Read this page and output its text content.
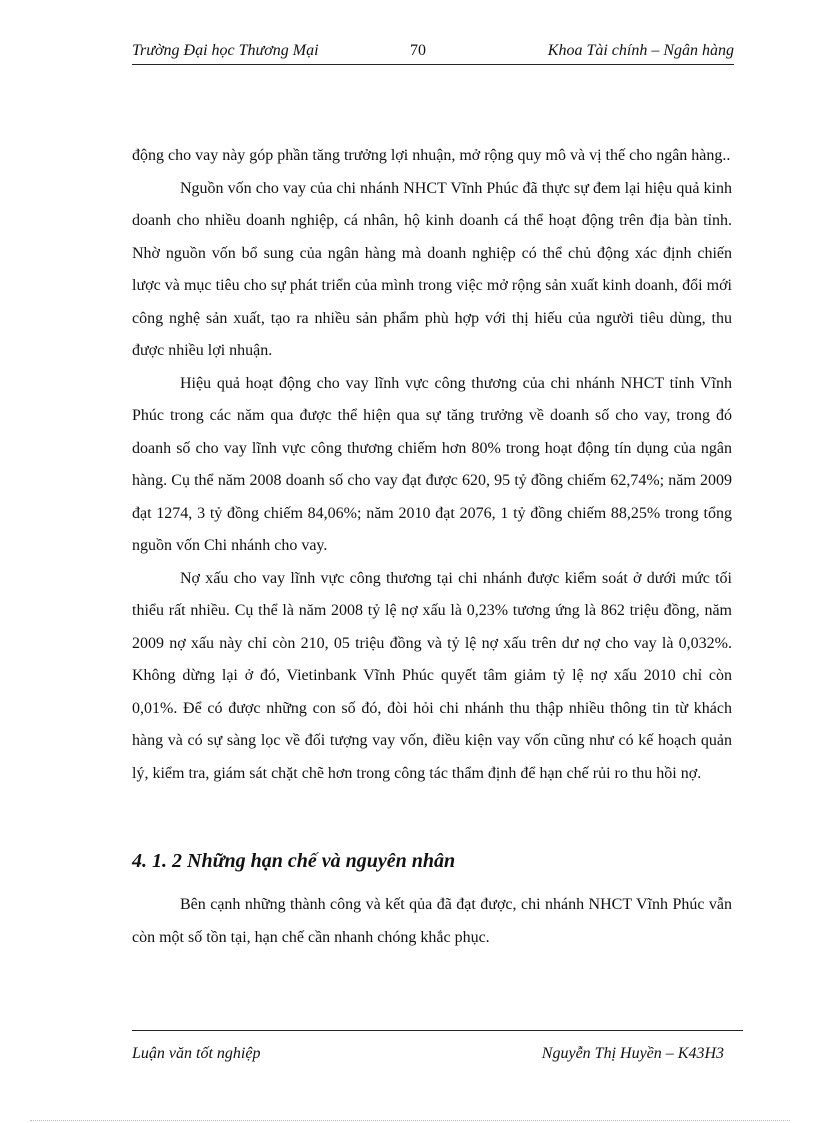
Trường Đại học Thương Mại	70	Khoa Tài chính – Ngân hàng

động cho vay này góp phần tăng trưởng lợi nhuận, mở rộng quy mô và vị thế cho ngân hàng..

Nguồn vốn cho vay của chi nhánh NHCT Vĩnh Phúc đã thực sự đem lại hiệu quả kinh doanh cho nhiều doanh nghiệp, cá nhân, hộ kinh doanh cá thể hoạt động trên địa bàn tỉnh. Nhờ nguồn vốn bổ sung của ngân hàng mà doanh nghiệp có thể chủ động xác định chiến lược và mục tiêu cho sự phát triển của mình trong việc mở rộng sản xuất kinh doanh, đổi mới công nghệ sản xuất, tạo ra nhiều sản phẩm phù hợp với thị hiếu của người tiêu dùng, thu được nhiều lợi nhuận.

Hiệu quả hoạt động cho vay lĩnh vực công thương của chi nhánh NHCT tỉnh Vĩnh Phúc trong các năm qua được thể hiện qua sự tăng trưởng về doanh số cho vay, trong đó doanh số cho vay lĩnh vực công thương chiếm hơn 80% trong hoạt động tín dụng của ngân hàng. Cụ thể năm 2008 doanh số cho vay đạt được 620, 95 tỷ đồng chiếm 62,74%; năm 2009 đạt 1274, 3 tỷ đồng chiếm 84,06%; năm 2010 đạt 2076, 1 tỷ đồng chiếm 88,25% trong tổng nguồn vốn Chi nhánh cho vay.

Nợ xấu cho vay lĩnh vực công thương tại chi nhánh được kiểm soát ở dưới mức tối thiểu rất nhiều. Cụ thể là năm 2008 tỷ lệ nợ xấu là 0,23% tương ứng là 862 triệu đồng, năm 2009 nợ xấu này chỉ còn 210, 05 triệu đồng và tỷ lệ nợ xấu trên dư nợ cho vay là 0,032%. Không dừng lại ở đó, Vietinbank Vĩnh Phúc quyết tâm giảm tỷ lệ nợ xấu 2010 chỉ còn 0,01%. Để có được những con số đó, đòi hỏi chi nhánh thu thập nhiều thông tin từ khách hàng và có sự sàng lọc về đối tượng vay vốn, điều kiện vay vốn cũng như có kế hoạch quản lý, kiểm tra, giám sát chặt chẽ hơn trong công tác thẩm định để hạn chế rủi ro thu hồi nợ.

4. 1. 2 Những hạn chế và nguyên nhân

Bên cạnh những thành công và kết qủa đã đạt được, chi nhánh NHCT Vĩnh Phúc vẫn còn một số tồn tại, hạn chế cần nhanh chóng khắc phục.

Luận văn tốt nghiệp	Nguyễn Thị Huyền – K43H3
